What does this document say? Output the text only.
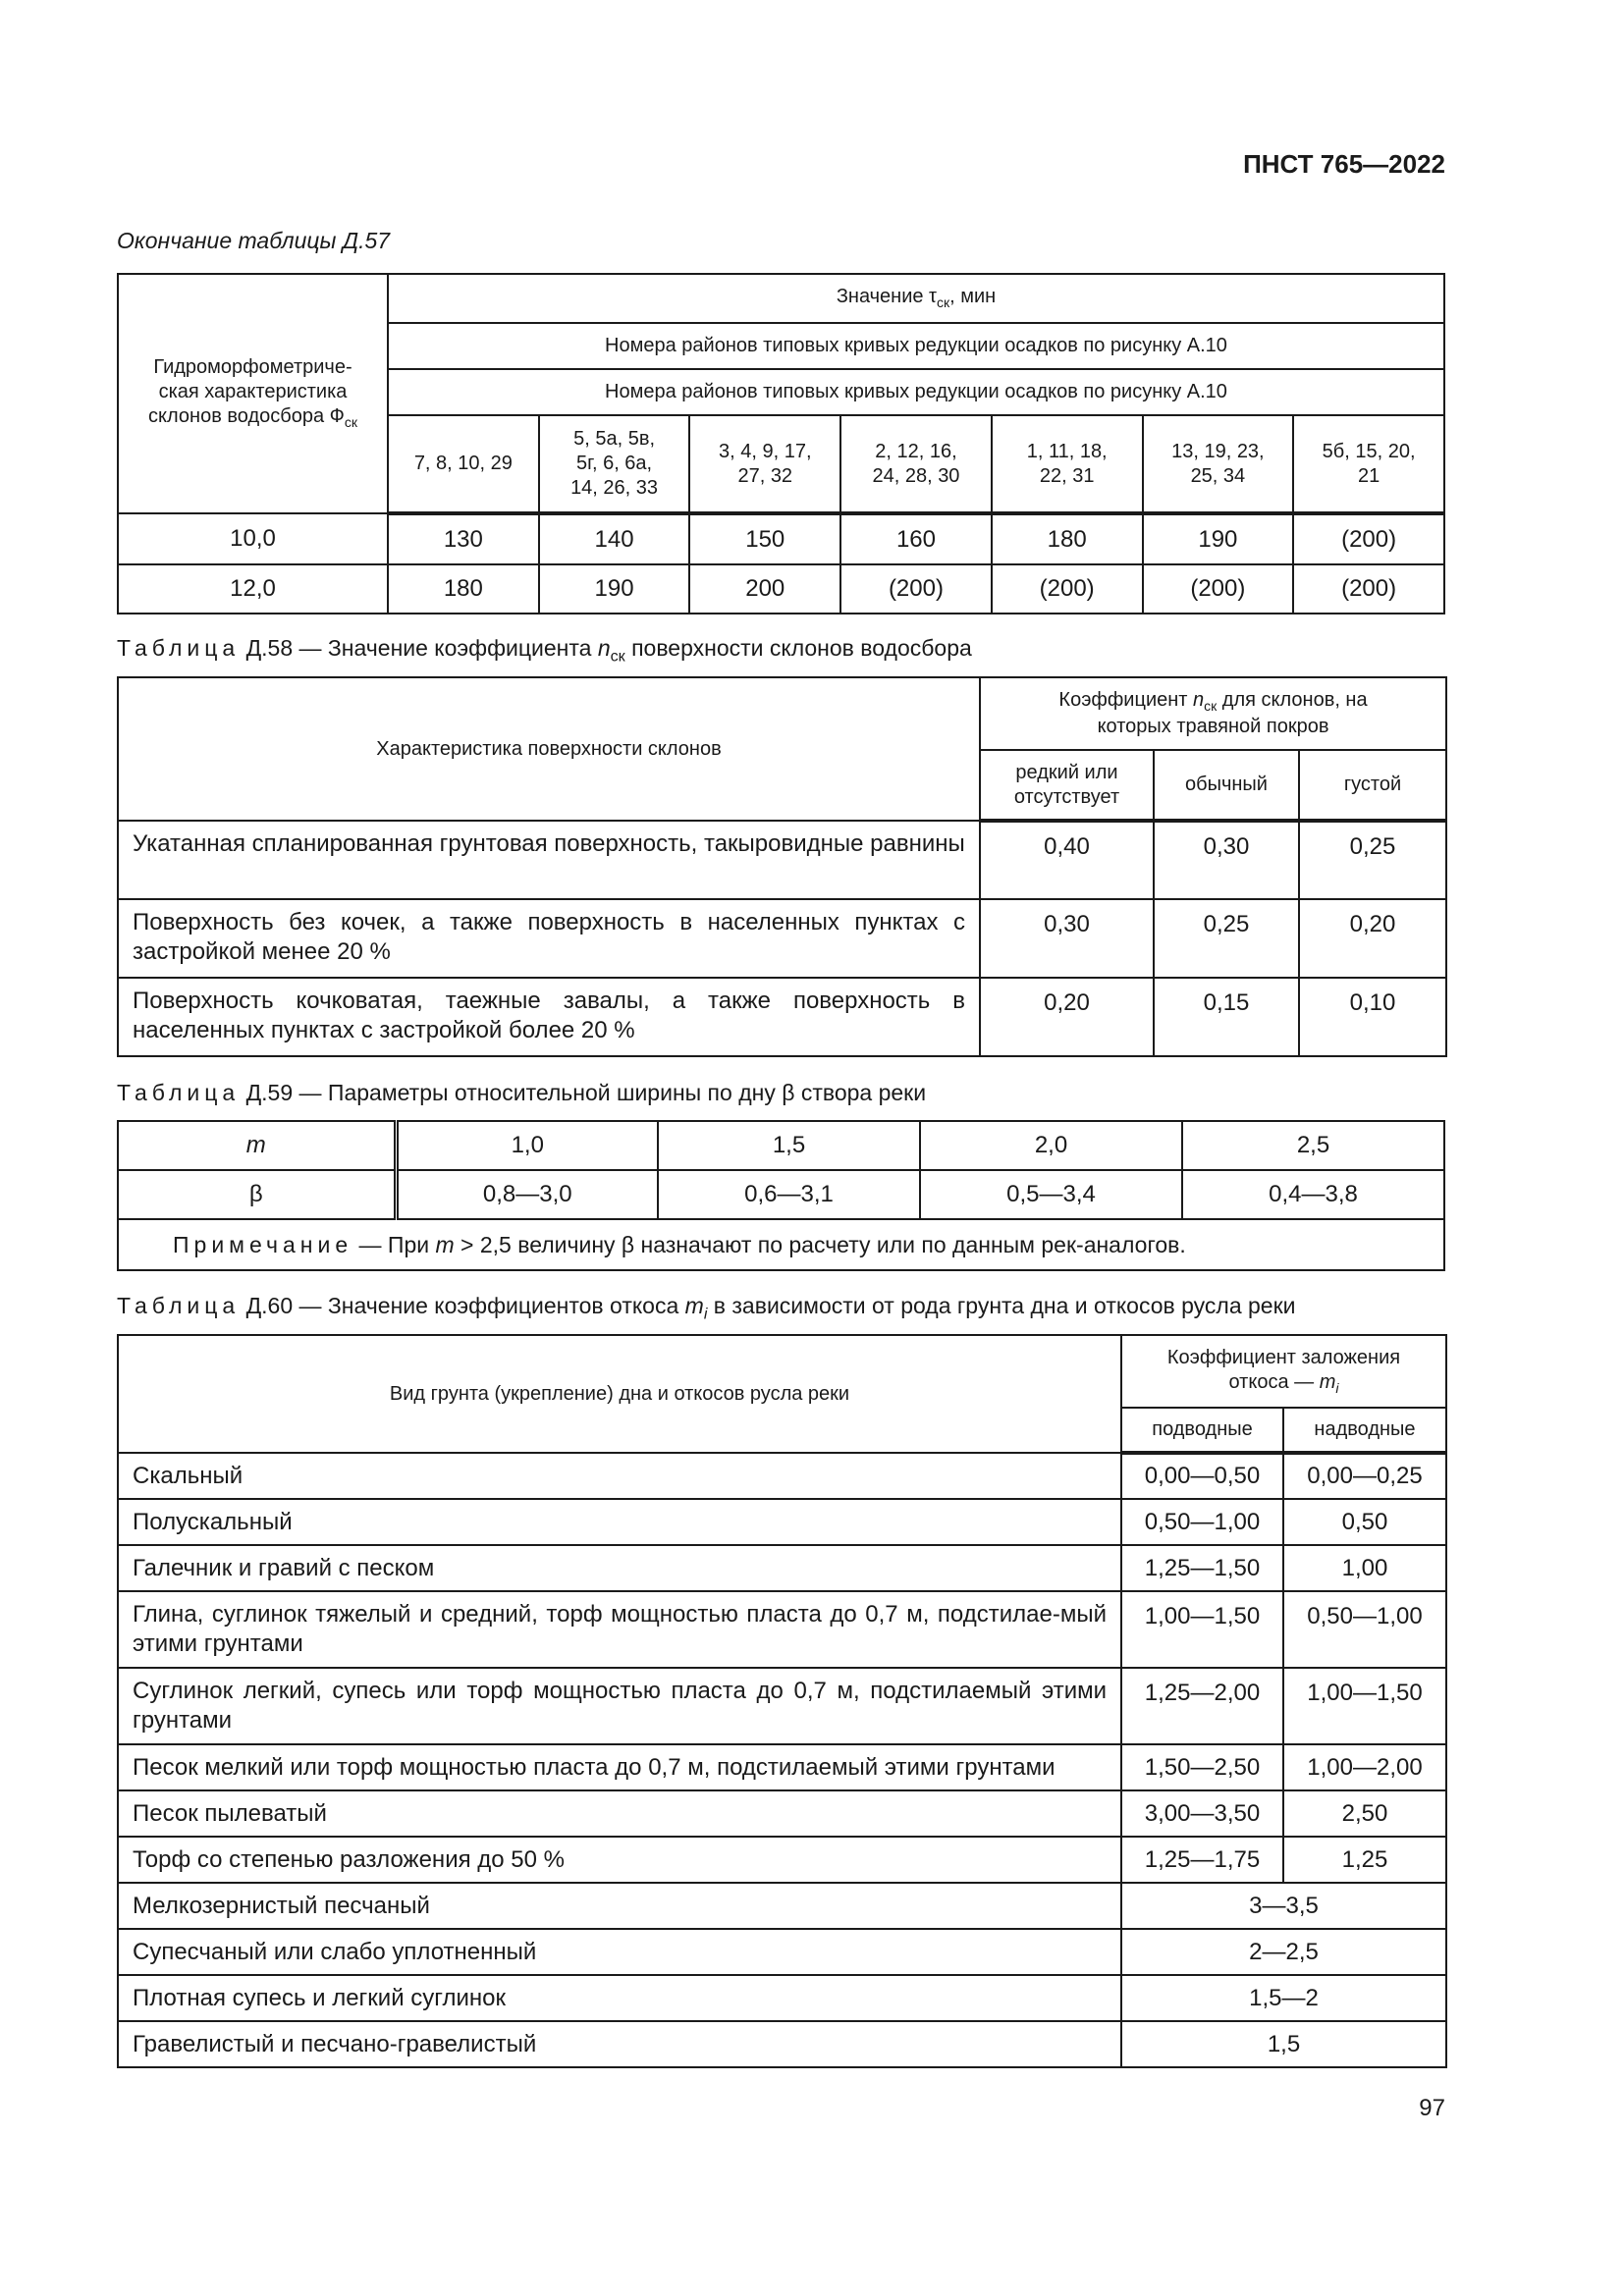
ПНСТ 765—2022
Окончание таблицы Д.57
Гидроморфометриче-
ская характеристика
склонов водосбора $Ф_{ск}$	Значение $\tau_{ск}$, мин						
	Номера районов типовых кривых редукции осадков по рисунку А.10						
	Номера районов типовых кривых редукции осадков по рисунку А.10						
	7, 8, 10, 29	5, 5а, 5в,
5г, 6, 6а,
14, 26, 33	3, 4, 9, 17,
27, 32	2, 12, 16,
24, 28, 30	1, 11, 18,
22, 31	13, 19, 23,
25, 34	5б, 15, 20,
21
10,0	130	140	150	160	180	190	(200)
12,0	180	190	200	(200)	(200)	(200)	(200)
Таблица Д.58 — Значение коэффициента $n_{ск}$ поверхности склонов водосбора
Характеристика поверхности склонов	Коэффициент $n_{ск}$ для склонов, на
которых травяной покров		
	редкий или
отсутствует	обычный	густой
Укатанная спланированная грунтовая поверхность, такыровидные равнины	0,40	0,30	0,25
Поверхность без кочек, а также поверхность в населенных пунктах с застройкой менее 20 %	0,30	0,25	0,20
Поверхность кочковатая, таежные завалы, а также поверхность в населенных пунктах с застройкой более 20 %	0,20	0,15	0,10
Таблица Д.59 — Параметры относительной ширины по дну β створа реки
m	1,0	1,5	2,0	2,5
β	0,8—3,0	0,6—3,1	0,5—3,4	0,4—3,8
Примечание — При m > 2,5 величину β назначают по расчету или по данным рек-аналогов.				
Таблица Д.60 — Значение коэффициентов откоса $m_i$ в зависимости от рода грунта дна и откосов русла реки
Вид грунта (укрепление) дна и откосов русла реки	Коэффициент заложения
откоса — $m_i$
	подводные	надводные
Скальный	0,00—0,50	0,00—0,25
Полускальный	0,50—1,00	0,50
Галечник и гравий с песком	1,25—1,50	1,00
Глина, суглинок тяжелый и средний, торф мощностью пласта до 0,7 м, подстилае-мый этими грунтами	1,00—1,50	0,50—1,00
Суглинок легкий, супесь или торф мощностью пласта до 0,7 м, подстилаемый этими грунтами	1,25—2,00	1,00—1,50
Песок мелкий или торф мощностью пласта до 0,7 м, подстилаемый этими грунтами	1,50—2,50	1,00—2,00
Песок пылеватый	3,00—3,50	2,50
Торф со степенью разложения до 50 %	1,25—1,75	1,25
Мелкозернистый песчаный	3—3,5	
Супесчаный или слабо уплотненный	2—2,5	
Плотная супесь и легкий суглинок	1,5—2	
Гравелистый и песчано-гравелистый	1,5	
97
